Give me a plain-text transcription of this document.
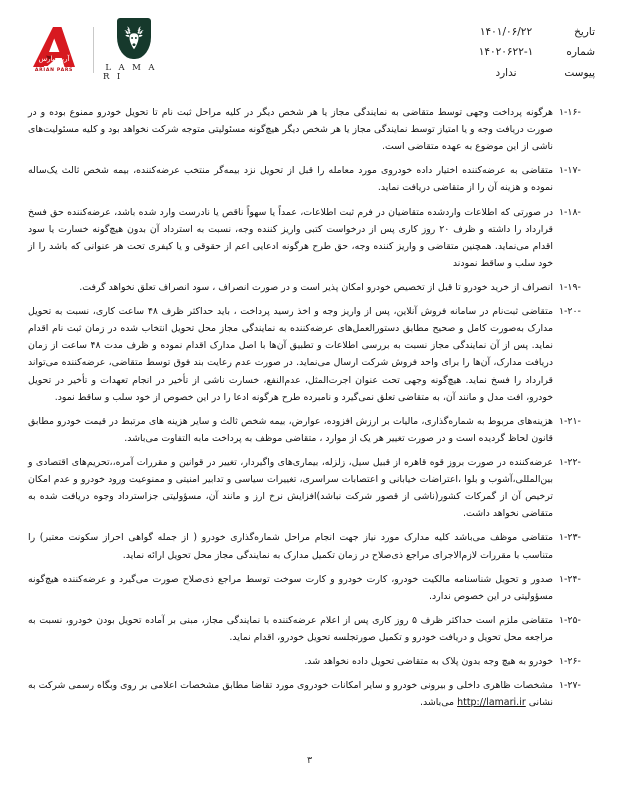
L A M A R I
آرین پارس
ARIAN PARS
تاریخ
۱۴۰۱/۰۶/۲۲
شماره
۱۴۰۲۰۶۲۲-۱
پیوست
ندارد
۱-۱۶-
هرگونه پرداخت وجهی توسط متقاضی به نمایندگی مجاز یا هر شخص دیگر در کلیه مراحل ثبت نام تا تحویل خودرو ممنوع بوده و در صورت دریافت وجه و یا امتیاز توسط نمایندگی مجاز یا هر شخص دیگر هیچ‌گونه مسئولیتی متوجه شرکت نخواهد بود و کلیه مسئولیت‌های ناشی از این موضوع به عهده متقاضی است.
۱-۱۷-
متقاضی به عرضه‌کننده اختیار داده خودروی مورد معامله را قبل از تحویل نزد بیمه‌گر منتخب عرضه‌کننده، بیمه شخص ثالث یک‌ساله نموده و هزینه آن را از متقاضی دریافت نماید.
۱-۱۸-
در صورتی که اطلاعات واردشده متقاضیان در فرم ثبت اطلاعات، عمداً یا سهواً ناقص یا نادرست وارد شده باشد، عرضه‌کننده حق فسخ قرارداد را داشته و ظرف ۲۰ روز کاری پس از درخواست کتبی واریز کننده وجه، نسبت به استرداد آن بدون هیچ‌گونه خسارت یا سود اقدام می‌نماید. همچنین متقاضی و واریز کننده وجه، حق طرح هرگونه ادعایی اعم از حقوقی و یا کیفری تحت هر عنوانی که باشد را از خود سلب و ساقط نمودند
۱-۱۹-
انصراف از خرید خودرو تا قبل از تخصیص خودرو امکان پذیر است و در صورت انصراف ، سود انصراف تعلق نخواهد گرفت.
۱-۲۰-
متقاضی ثبت‌نام در سامانه فروش آنلاین، پس از واریز وجه و اخذ رسید پرداخت ، باید حداکثر ظرف ۴۸ ساعت کاری، نسبت به تحویل مدارک به‌صورت کامل و صحیح مطابق دستورالعمل‌های عرضه‌کننده به نمایندگی مجاز محل تحویل انتخاب شده در زمان ثبت نام اقدام نماید. پس از آن نمایندگی مجاز نسبت به بررسی اطلاعات و تطبیق آن‌ها با اصل مدارک اقدام نموده و ظرف مدت ۴۸ ساعت از زمان دریافت مدارک، آن‌ها را برای واحد فروش شرکت ارسال می‌نماید. در صورت عدم رعایت بند فوق توسط متقاضی، عرضه‌کننده می‌تواند قرارداد را فسخ نماید. هیچ‌گونه وجهی تحت عنوان اجرت‌المثل، عدم‌النفع، خسارت ناشی از تأخیر در انجام تعهدات و تأخیر در تحویل خودرو، افت مدل و مانند آن، به متقاضی تعلق نمی‌گیرد و نامبرده طرح هرگونه ادعا را در این خصوص از خود سلب و ساقط نمود.
۱-۲۱-
هزینه‌های مربوط به شماره‌گذاری، مالیات بر ارزش افزوده، عوارض، بیمه شخص ثالث و سایر هزینه های مرتبط در قیمت خودرو مطابق قانون لحاظ گردیده است و در صورت تغییر هر یک از موارد ، متقاضی موظف به پرداخت مابه التفاوت می‌باشد.
۱-۲۲-
عرضه‌کننده در صورت بروز قوه قاهره از قبیل سیل، زلزله، بیماری‌های واگیردار، تغییر در قوانین و مقررات آمره،،تحریم‌های اقتصادی و بین‌المللی،آشوب و بلوا ،اعتراضات خیابانی و اعتصابات سراسری، تغییرات سیاسی و تدابیر امنیتی و ممنوعیت ورود خودرو و عدم امکان ترخیص آن از گمرکات کشور(ناشی از قصور شرکت نباشد)افزایش نرخ ارز و مانند آن، مسؤولیتی جزاسترداد وجوه دریافت شده به متقاضی نخواهد داشت.
۱-۲۳-
متقاضی موظف می‌باشد کلیه مدارک مورد نیاز جهت انجام مراحل شماره‌گذاری خودرو ( از جمله گواهی احراز سکونت معتبر) را متناسب با مقررات لازم‌الاجرای مراجع ذی‌صلاح در زمان تکمیل مدارک به نمایندگی مجاز محل تحویل ارائه نماید.
۱-۲۴-
صدور و تحویل شناسنامه مالکیت خودرو، کارت خودرو و کارت سوخت توسط مراجع ذی‌صلاح صورت می‌گیرد و عرضه‌کننده هیچ‌گونه مسؤولیتی در این خصوص ندارد.
۱-۲۵-
متقاضی ملزم است حداکثر ظرف ۵ روز کاری پس از اعلام عرضه‌کننده با نمایندگی مجاز، مبنی بر آماده تحویل بودن خودرو، نسبت به مراجعه محل تحویل و دریافت خودرو و تکمیل صورتجلسه تحویل خودرو، اقدام نماید.
۱-۲۶-
خودرو به هیچ وجه بدون پلاک به متقاضی تحویل داده نخواهد شد.
۱-۲۷-
مشخصات ظاهری داخلی و بیرونی خودرو و سایر امکانات خودروی مورد تقاضا مطابق مشخصات اعلامی بر روی وبگاه رسمی شرکت به نشانی http://lamari.ir می‌باشد.
۳
